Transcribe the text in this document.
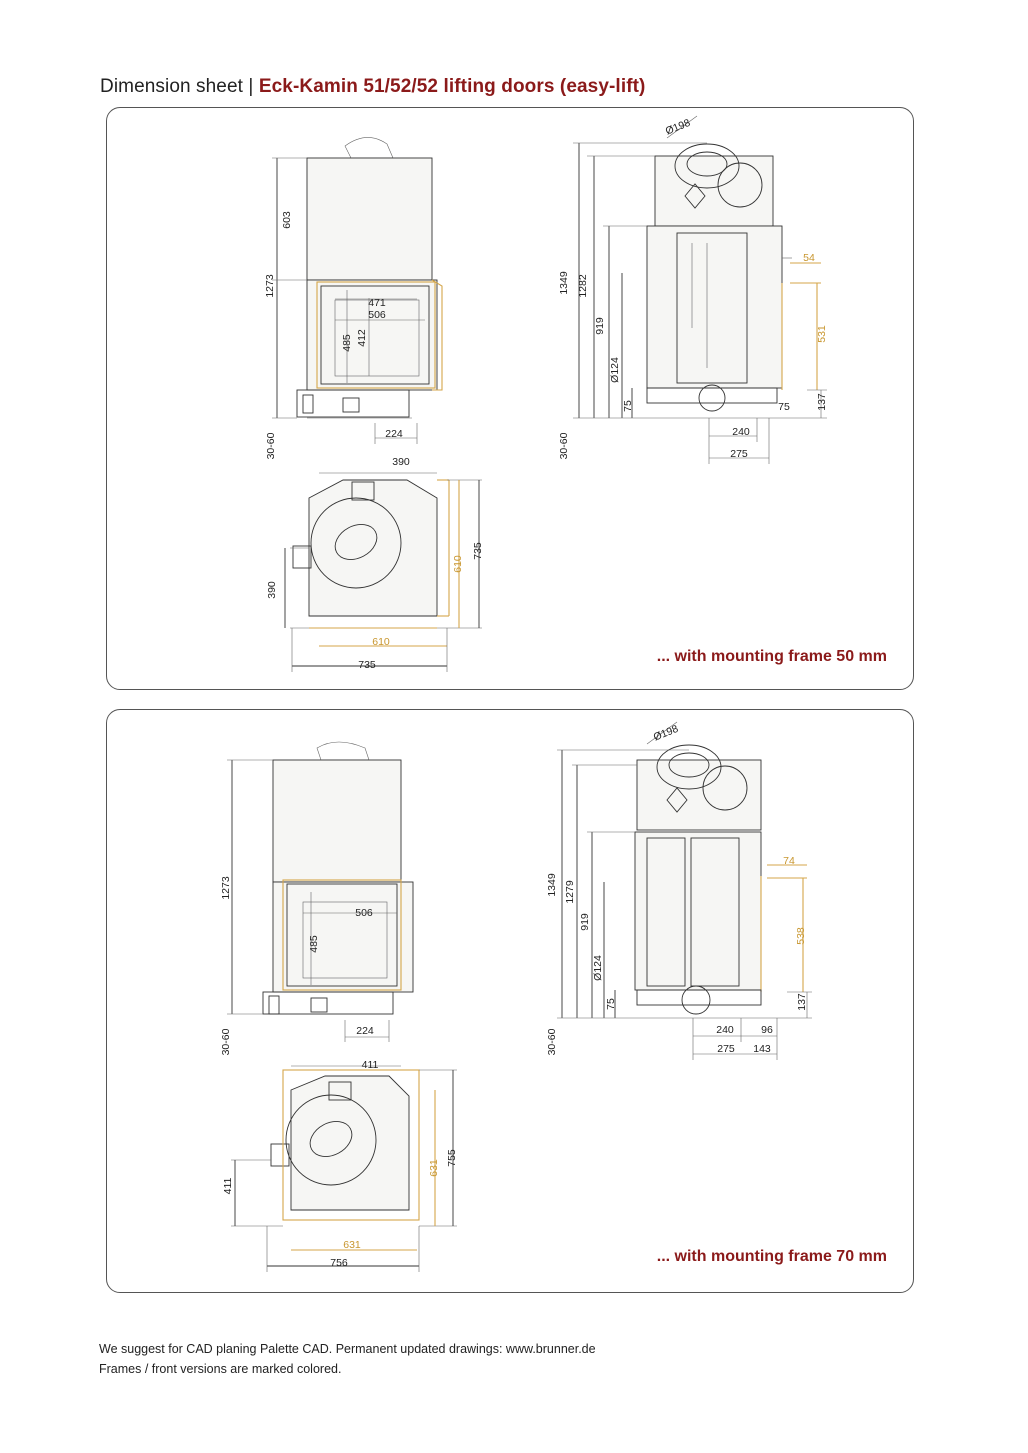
Dimension sheet | Eck-Kamin 51/52/52 lifting doors (easy-lift)
603
1273
471
506
485 412
224
30-60
Ø198
1349 1282
919
Ø124
75	75
54
531
137
240
275
30-60
390
610
735
390
610
735	... with mounting frame 50 mm
1273
506
485
224
30-60
Ø198
1349 1279
919
Ø124
75
74
538
137
240	96
275 143
30-60
411
631
755
411
631
756	... with mounting frame 70 mm
We suggest for CAD planing Palette CAD. Permanent updated drawings: www.brunner.de
Frames / front versions are marked colored.
